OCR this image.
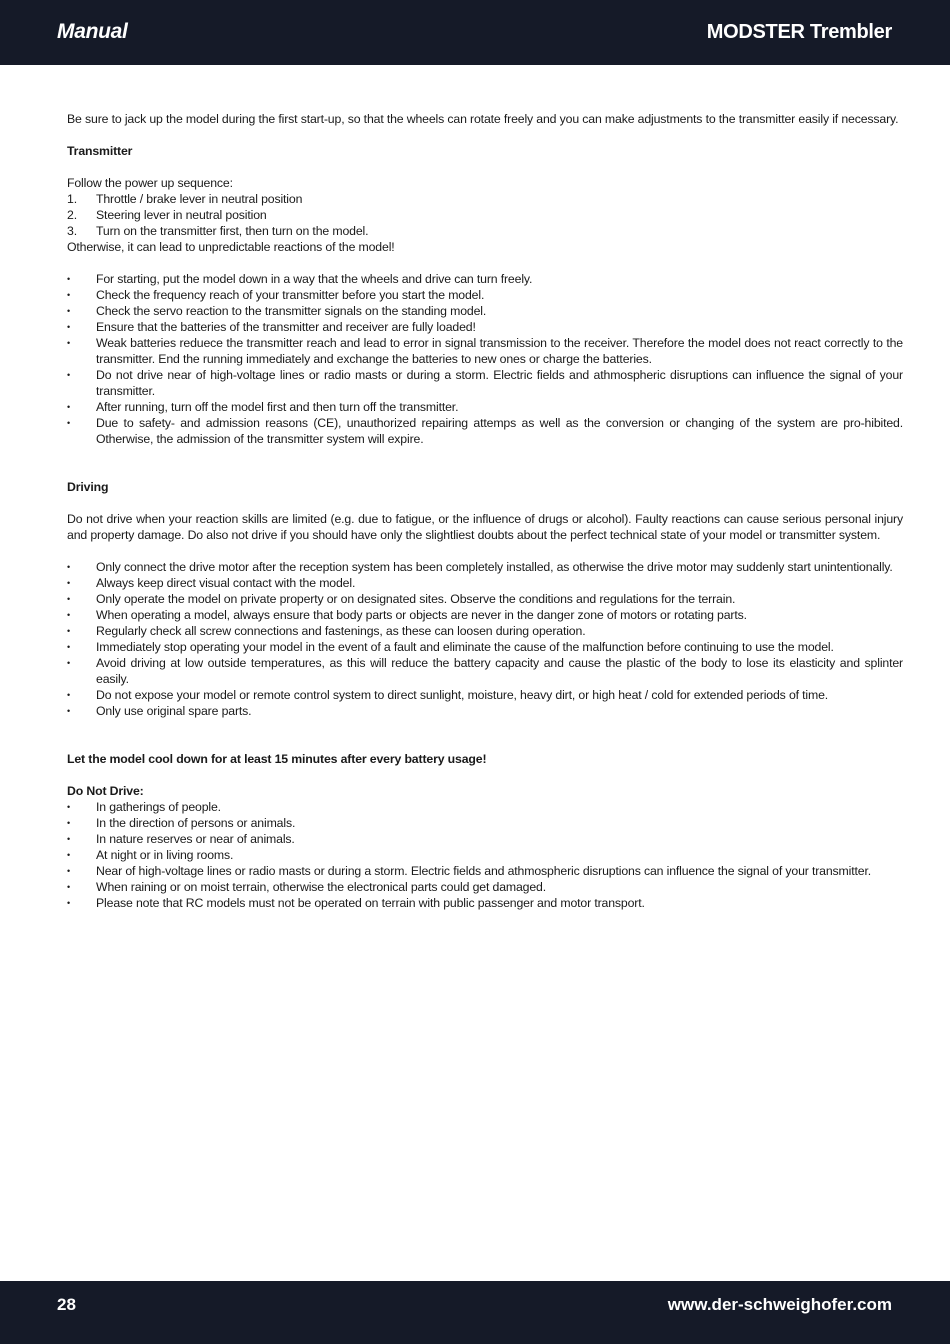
Manual	MODSTER Trembler

Be sure to jack up the model during the first start-up, so that the wheels can rotate freely and you can make adjustments to the transmitter easily if necessary.

Transmitter

Follow the power up sequence:

1. Throttle / brake lever in neutral position
2. Steering lever in neutral position
3. Turn on the transmitter first, then turn on the model.

Otherwise, it can lead to unpredictable reactions of the model!

• For starting, put the model down in a way that the wheels and drive can turn freely.
• Check the frequency reach of your transmitter before you start the model.
• Check the servo reaction to the transmitter signals on the standing model.
• Ensure that the batteries of the transmitter and receiver are fully loaded!
• Weak batteries reduece the transmitter reach and lead to error in signal transmission to the receiver. Therefore the model does not react correctly to the transmitter. End the running immediately and exchange the batteries to new ones or charge the batteries.
• Do not drive near of high-voltage lines or radio masts or during a storm. Electric fields and athmospheric disruptions can influence the signal of your transmitter.
• After running, turn off the model first and then turn off the transmitter.
• Due to safety- and admission reasons (CE), unauthorized repairing attemps as well as the conversion or changing of the system are pro-hibited. Otherwise, the admission of the transmitter system will expire.

Driving

Do not drive when your reaction skills are limited (e.g. due to fatigue, or the influence of drugs or alcohol). Faulty reactions can cause serious personal injury and property damage. Do also not drive if you should have only the slightliest doubts about the perfect technical state of your model or transmitter system.

• Only connect the drive motor after the reception system has been completely installed, as otherwise the drive motor may suddenly start unintentionally.
• Always keep direct visual contact with the model.
• Only operate the model on private property or on designated sites. Observe the conditions and regulations for the terrain.
• When operating a model, always ensure that body parts or objects are never in the danger zone of motors or rotating parts.
• Regularly check all screw connections and fastenings, as these can loosen during operation.
• Immediately stop operating your model in the event of a fault and eliminate the cause of the malfunction before continuing to use the model.
• Avoid driving at low outside temperatures, as this will reduce the battery capacity and cause the plastic of the body to lose its elasticity and splinter easily.
• Do not expose your model or remote control system to direct sunlight, moisture, heavy dirt, or high heat / cold for extended periods of time.
• Only use original spare parts.

Let the model cool down for at least 15 minutes after every battery usage!

Do Not Drive:

• In gatherings of people.
• In the direction of persons or animals.
• In nature reserves or near of animals.
• At night or in living rooms.
• Near of high-voltage lines or radio masts or during a storm. Electric fields and athmospheric disruptions can influence the signal of your transmitter.
• When raining or on moist terrain, otherwise the electronical parts could get damaged.
• Please note that RC models must not be operated on terrain with public passenger and motor transport.
28	www.der-schweighofer.com
